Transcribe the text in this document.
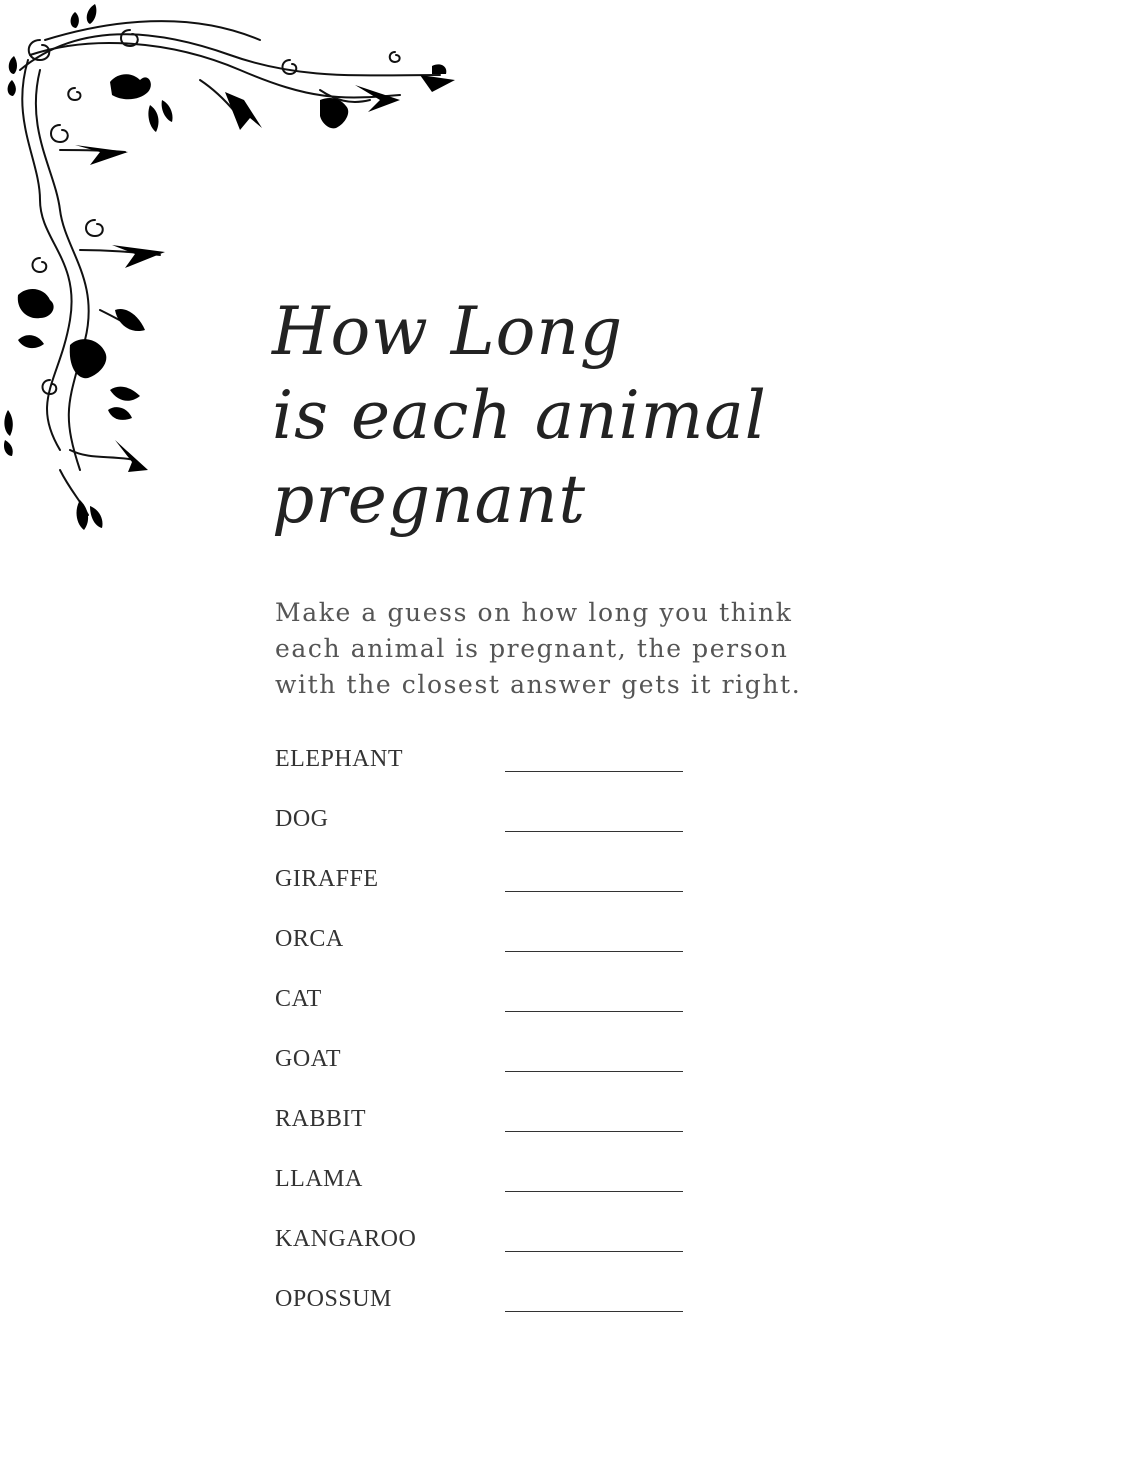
How Long
is each animal
pregnant

Make a guess on how long you think each animal is pregnant, the person with the closest answer gets it right.

ELEPHANT
DOG
GIRAFFE
ORCA
CAT
GOAT
RABBIT
LLAMA
KANGAROO
OPOSSUM
